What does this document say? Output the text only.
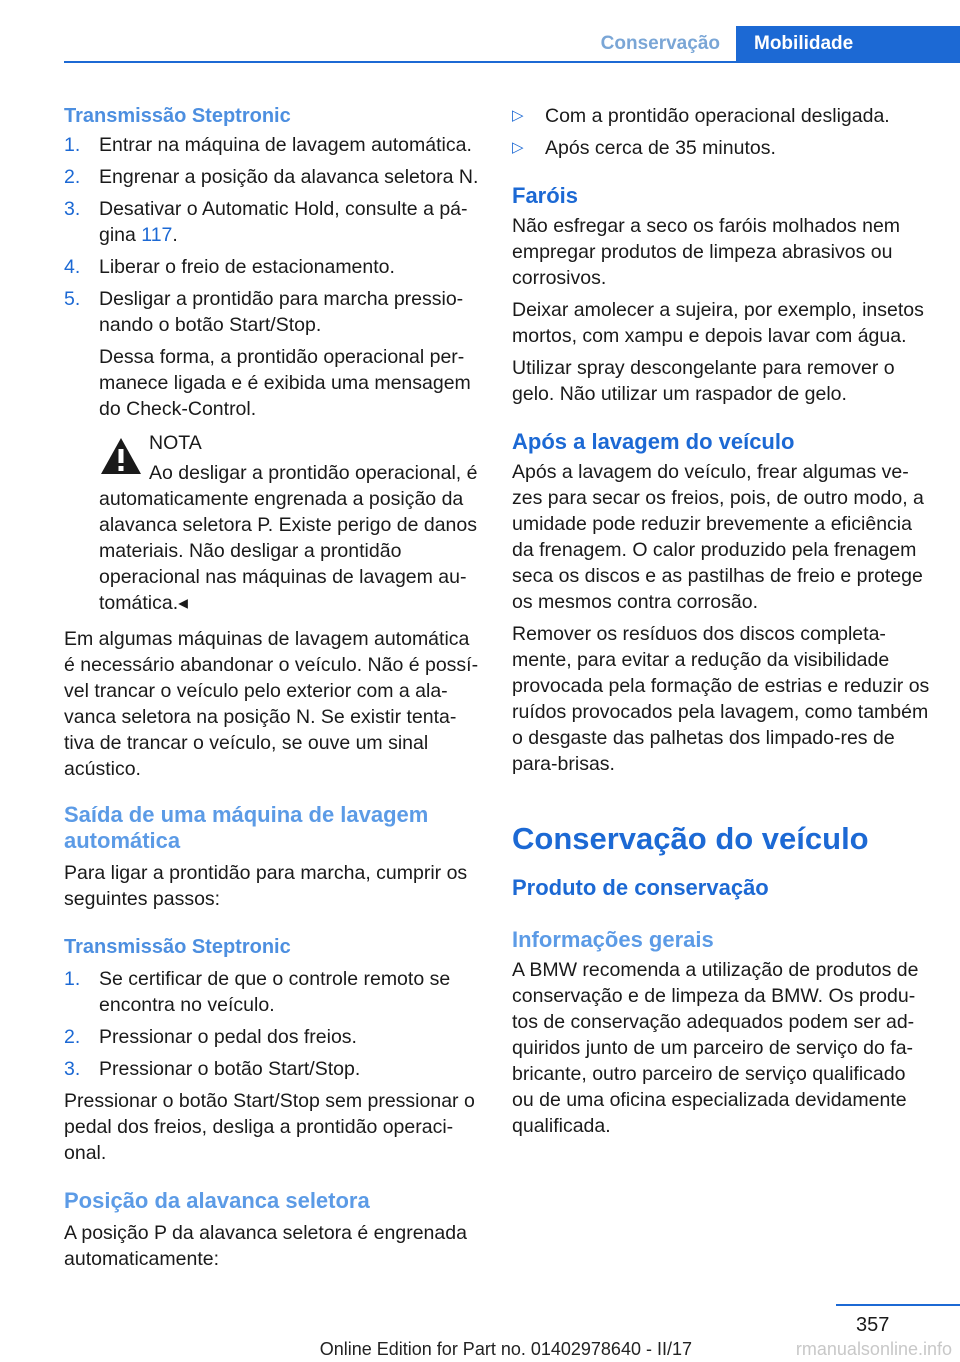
Conservação	Mobilidade

Transmissão Steptronic

1. Entrar na máquina de lavagem automática.
2. Engrenar a posição da alavanca seletora N.
3. Desativar o Automatic Hold, consulte a pá-gina 117.
4. Liberar o freio de estacionamento.
5. Desligar a prontidão para marcha pressio-nando o botão Start/Stop.

Dessa forma, a prontidão operacional per-manece ligada e é exibida uma mensagem do Check-Control.

NOTA

Ao desligar a prontidão operacional, é automaticamente engrenada a posição da alavanca seletora P. Existe perigo de danos materiais. Não desligar a prontidão operacional nas máquinas de lavagem au-tomática.◂

Em algumas máquinas de lavagem automática é necessário abandonar o veículo. Não é possí-vel trancar o veículo pelo exterior com a ala-vanca seletora na posição N. Se existir tenta-tiva de trancar o veículo, se ouve um sinal acústico.

Saída de uma máquina de lavagem automática

Para ligar a prontidão para marcha, cumprir os seguintes passos:

Transmissão Steptronic

1. Se certificar de que o controle remoto se encontra no veículo.
2. Pressionar o pedal dos freios.
3. Pressionar o botão Start/Stop.

Pressionar o botão Start/Stop sem pressionar o pedal dos freios, desliga a prontidão operaci-onal.

Posição da alavanca seletora

A posição P da alavanca seletora é engrenada automaticamente:

▷ Com a prontidão operacional desligada.
▷ Após cerca de 35 minutos.

Faróis

Não esfregar a seco os faróis molhados nem empregar produtos de limpeza abrasivos ou corrosivos.

Deixar amolecer a sujeira, por exemplo, insetos mortos, com xampu e depois lavar com água.

Utilizar spray descongelante para remover o gelo. Não utilizar um raspador de gelo.

Após a lavagem do veículo

Após a lavagem do veículo, frear algumas ve-zes para secar os freios, pois, de outro modo, a umidade pode reduzir brevemente a eficiência da frenagem. O calor produzido pela frenagem seca os discos e as pastilhas de freio e protege os mesmos contra corrosão.

Remover os resíduos dos discos completa-mente, para evitar a redução da visibilidade provocada pela formação de estrias e reduzir os ruídos provocados pela lavagem, como também o desgaste das palhetas dos limpado-res de para-brisas.

Conservação do veículo

Produto de conservação

Informações gerais

A BMW recomenda a utilização de produtos de conservação e de limpeza da BMW. Os produ-tos de conservação adequados podem ser ad-quiridos junto de um parceiro de serviço do fa-bricante, outro parceiro de serviço qualificado ou de uma oficina especializada devidamente qualificada.

357
Online Edition for Part no. 01402978640 - II/17	rmanualsonline.info
